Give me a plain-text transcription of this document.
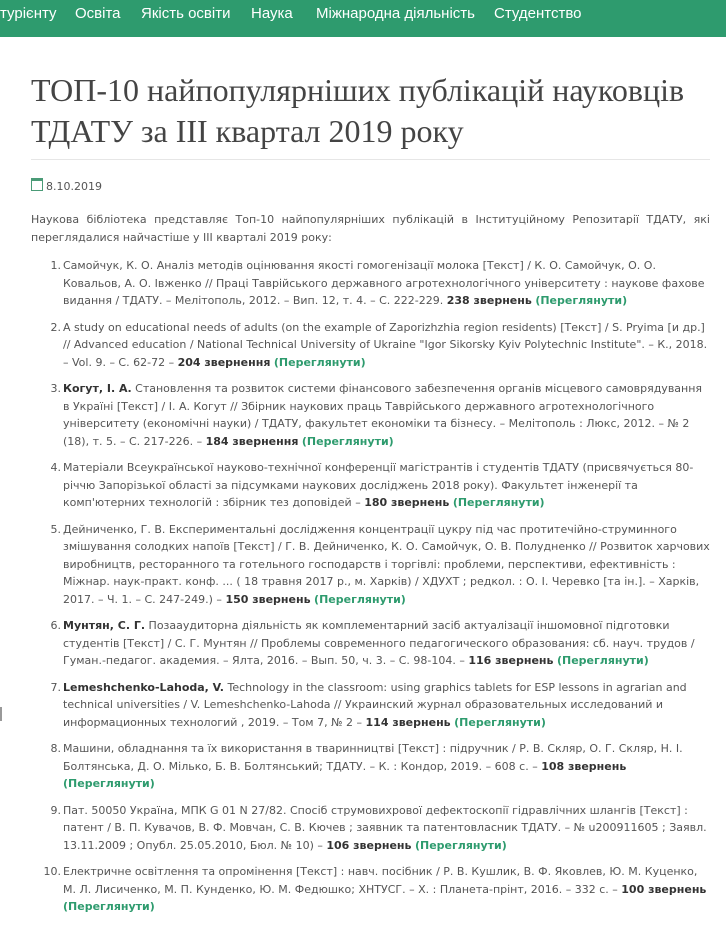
турієнту Освіта Якість освіти Наука Міжнародна діяльність Студентство
ТОП-10 найпопулярніших публікацій науковців ТДАТУ за ІІІ квартал 2019 року
8.10.2019

Наукова бібліотека представляє Топ-10 найпопулярніших публікацій в Інституційному Репозитарії ТДАТУ, які переглядалися найчастіше у ІІІ кварталі 2019 року:

1. Самойчук, К. О. Аналіз методів оцінювання якості гомогенізації молока [Текст] / К. О. Самойчук, О. О. Ковальов, А. О. Івженко // Праці Таврійського державного агротехнологічного університету : наукове фахове видання / ТДАТУ. – Мелітополь, 2012. – Вип. 12, т. 4. – С. 222-229. 238 звернень (Переглянути)
2. A study on educational needs of adults (on the example of Zaporizhzhia region residents) [Текст] / S. Pryima [и др.] // Advanced education / National Technical University of Ukraine "Igor Sikorsky Kyiv Polytechnic Institute". – К., 2018. – Vol. 9. – С. 62-72 – 204 звернення (Переглянути)
3. Когут, І. А. Становлення та розвиток системи фінансового забезпечення органів місцевого самоврядування в Україні [Текст] / І. А. Когут // Збірник наукових праць Таврійського державного агротехнологічного університету (економічні науки) / ТДАТУ, факультет економіки та бізнесу. – Мелітополь : Люкс, 2012. – № 2 (18), т. 5. – С. 217-226. – 184 звернення (Переглянути)
4. Матеріали Всеукраїнської науково-технічної конференції магістрантів і студентів ТДАТУ (присвячується 80-річчю Запорізької області за підсумками наукових досліджень 2018 року). Факультет інженерії та комп'ютерних технологій : збірник тез доповідей – 180 звернень (Переглянути)
5. Дейниченко, Г. В. Експериментальні дослідження концентрації цукру під час протитечійно-струминного змішування солодких напоїв [Текст] / Г. В. Дейниченко, К. О. Самойчук, О. В. Полудненко // Розвиток харчових виробництв, ресторанного та готельного господарств і торгівлі: проблеми, перспективи, ефективність : Міжнар. наук-практ. конф. ... ( 18 травня 2017 р., м. Харків) / ХДУХТ ; редкол. : О. І. Черевко [та ін.]. – Харків, 2017. – Ч. 1. – С. 247-249.) – 150 звернень (Переглянути)
6. Мунтян, С. Г. Позааудиторна діяльність як комплементарний засіб актуалізації іншомовної підготовки студентів [Текст] / С. Г. Мунтян // Проблемы современного педагогического образования: сб. науч. трудов / Гуман.-педагог. академия. – Ялта, 2016. – Вып. 50, ч. 3. – С. 98-104. – 116 звернень (Переглянути)
7. Lemeshchenko-Lahoda, V. Technology in the classroom: using graphics tablets for ESP lessons in agrarian and technical universities / V. Lemeshchenko-Lahoda // Украинский журнал образовательных исследований и информационных технологий , 2019. – Том 7, № 2 – 114 звернень (Переглянути)
8. Машини, обладнання та їх використання в тваринництві [Текст] : підручник / Р. В. Скляр, О. Г. Скляр, Н. І. Болтянська, Д. О. Мілько, Б. В. Болтянський; ТДАТУ. – К. : Кондор, 2019. – 608 с. – 108 звернень (Переглянути)
9. Пат. 50050 Україна, МПК G 01 N 27/82. Спосіб струмовихрової дефектоскопії гідравлічних шлангів [Текст] : патент / В. П. Кувачов, В. Ф. Мовчан, С. В. Кючев ; заявник та патентовласник ТДАТУ. – № u200911605 ; Заявл. 13.11.2009 ; Опубл. 25.05.2010, Бюл. № 10) – 106 звернень (Переглянути)
10. Електричне освітлення та опромінення [Текст] : навч. посібник / Р. В. Кушлик, В. Ф. Яковлев, Ю. М. Куценко, М. Л. Лисиченко, М. П. Кунденко, Ю. М. Федюшко; ХНТУСГ. – Х. : Планета-прінт, 2016. – 332 с. – 100 звернень (Переглянути)
